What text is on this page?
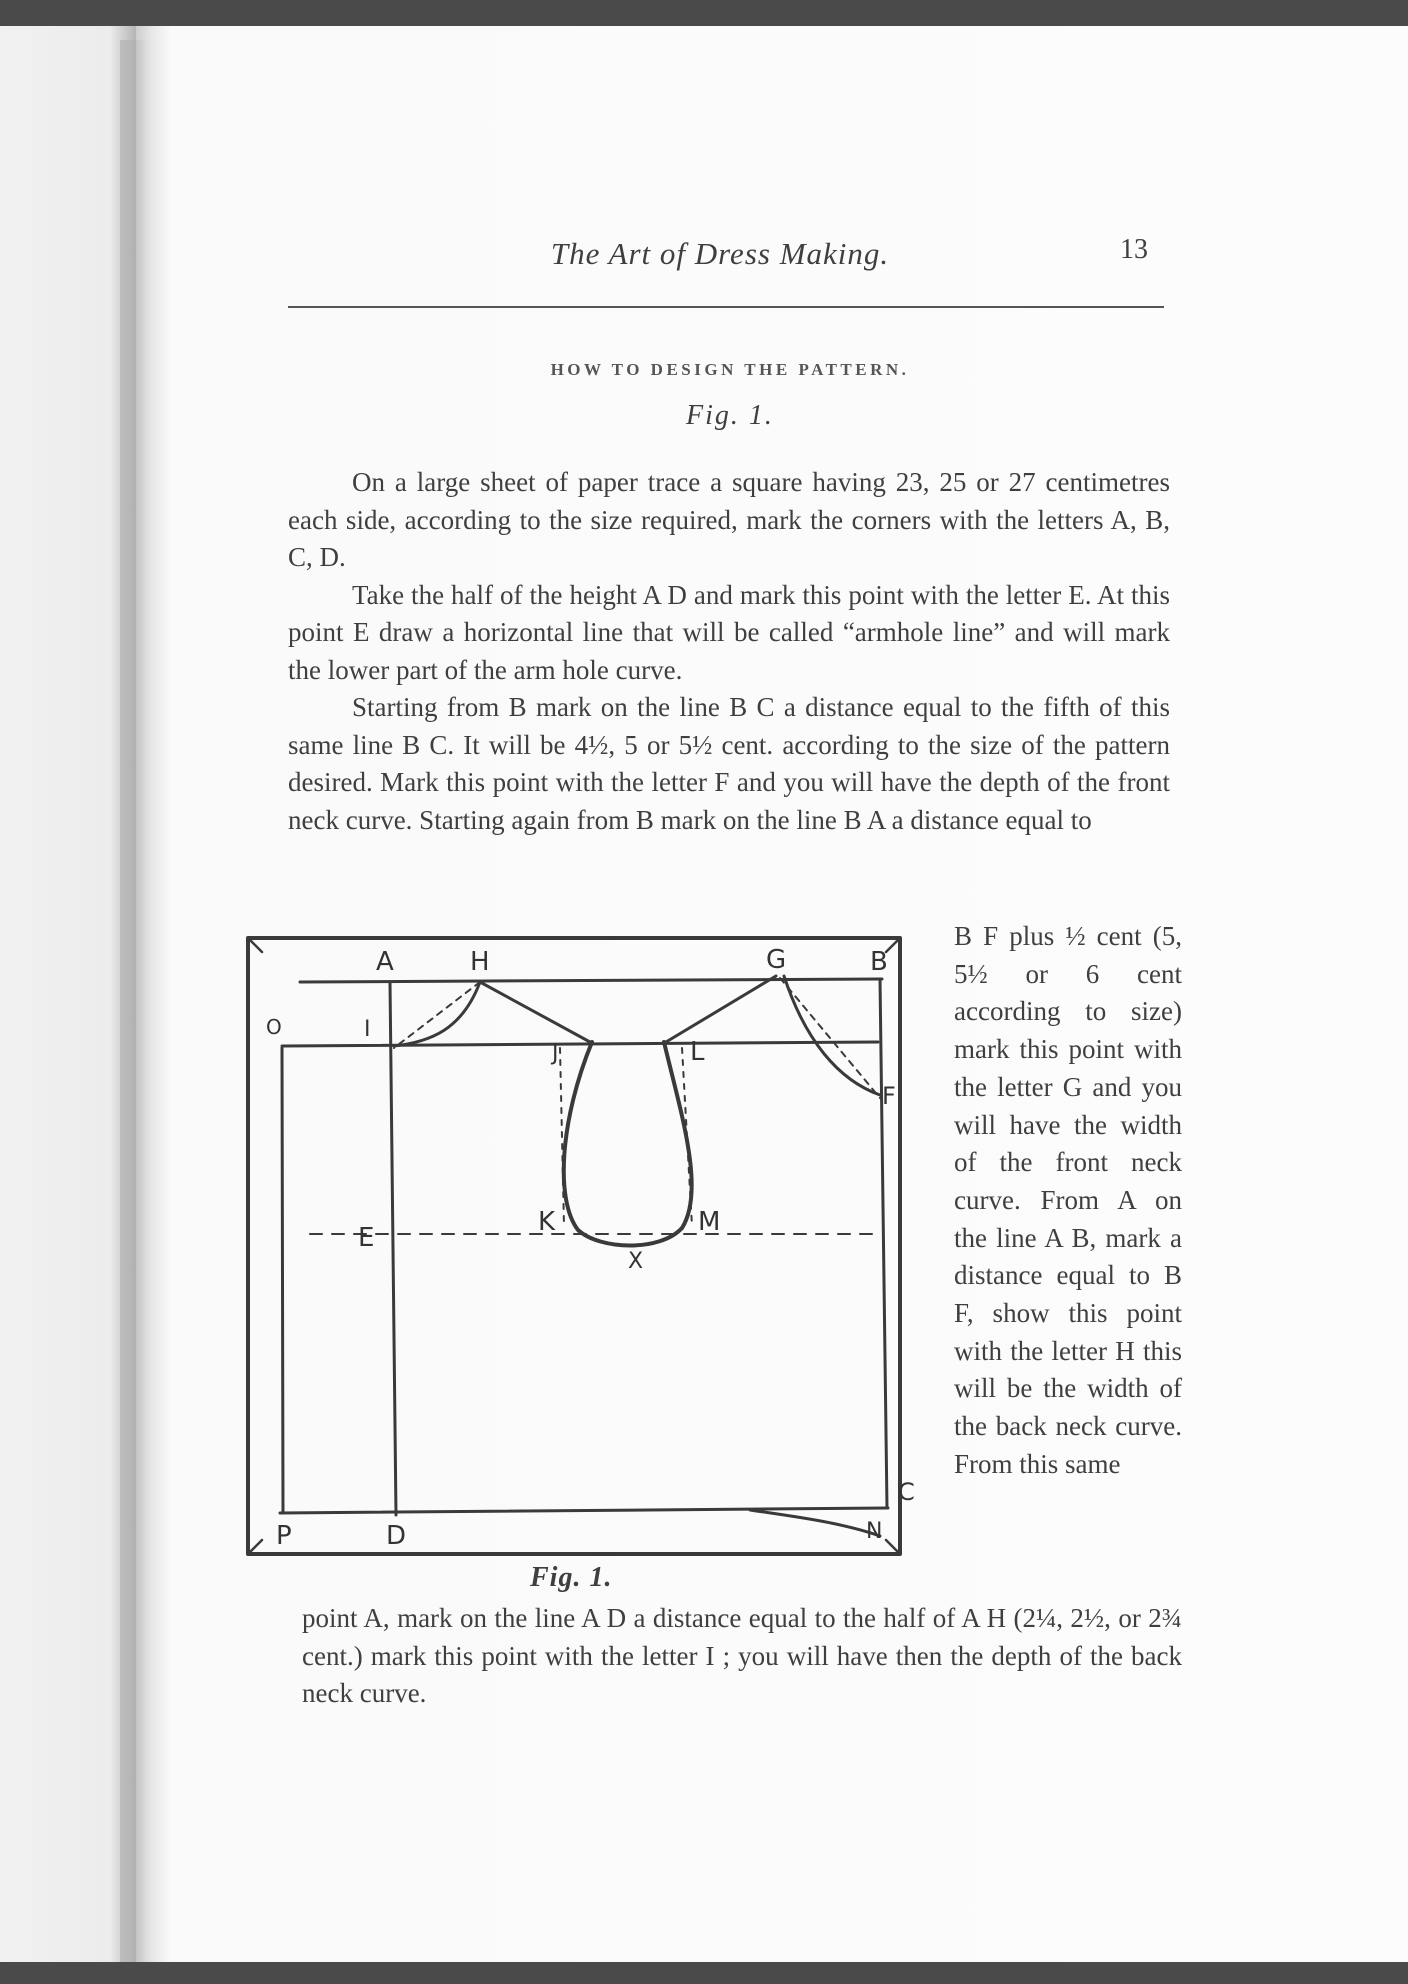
The Art of Dress Making.	13
HOW TO DESIGN THE PATTERN.
Fig. 1.

On a large sheet of paper trace a square having 23, 25 or 27 centimetres each side, according to the size required, mark the corners with the letters A, B, C, D.

Take the half of the height A D and mark this point with the letter E. At this point E draw a horizontal line that will be called “armhole line” and will mark the lower part of the arm hole curve.

Starting from B mark on the line B C a distance equal to the fifth of this same line B C. It will be 4½, 5 or 5½ cent. according to the size of the pattern desired. Mark this point with the letter F and you will have the depth of the front neck curve. Starting again from B mark on the line B A a distance equal to

B F plus ½ cent (5, 5½ or 6 cent according to size) mark this point with the letter G and you will have the width of the front neck curve. From A on the line A B, mark a distance equal to B F, show this point with the letter H this will be the width of the back neck curve. From this same
A	H	G	B
O	I
J	L
F
E
K	M
X
C
P	D	N
Fig. 1.

point A, mark on the line A D a distance equal to the half of A H (2¼, 2½, or 2¾ cent.) mark this point with the letter I ; you will have then the depth of the back neck curve.
